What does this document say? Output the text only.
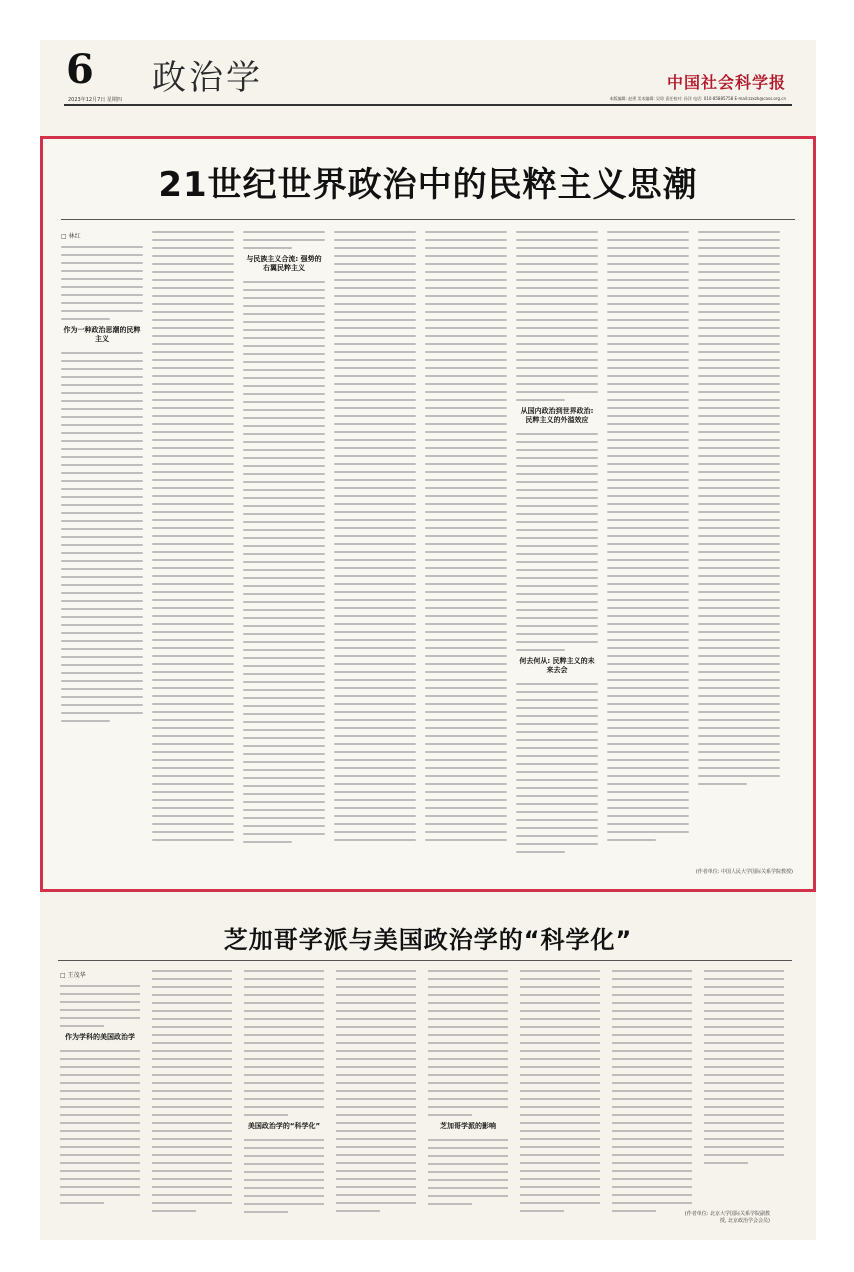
6
2023年12月7日 星期四
政治学	中国社会科学报
本版编辑: 赵勇 美术编辑: 吴琼 责任校对: 孙洋 电话: 010-85885758 E-mail:zzxzk@cass.org.cn
21世纪世界政治中的民粹主义思潮
□ 林红
作为一种政治思潮的民粹主义
与民族主义合流: 强势的右翼民粹主义
从国内政治到世界政治: 民粹主义的外溢效应
何去何从: 民粹主义的未来去会
(作者单位: 中国人民大学国际关系学院教授)
芝加哥学派与美国政治学的“科学化”
□ 王茂华
作为学科的美国政治学
美国政治学的“科学化”	芝加哥学派的影响
(作者单位: 北京大学国际关系学院副教授, 北京政治学会会员)
